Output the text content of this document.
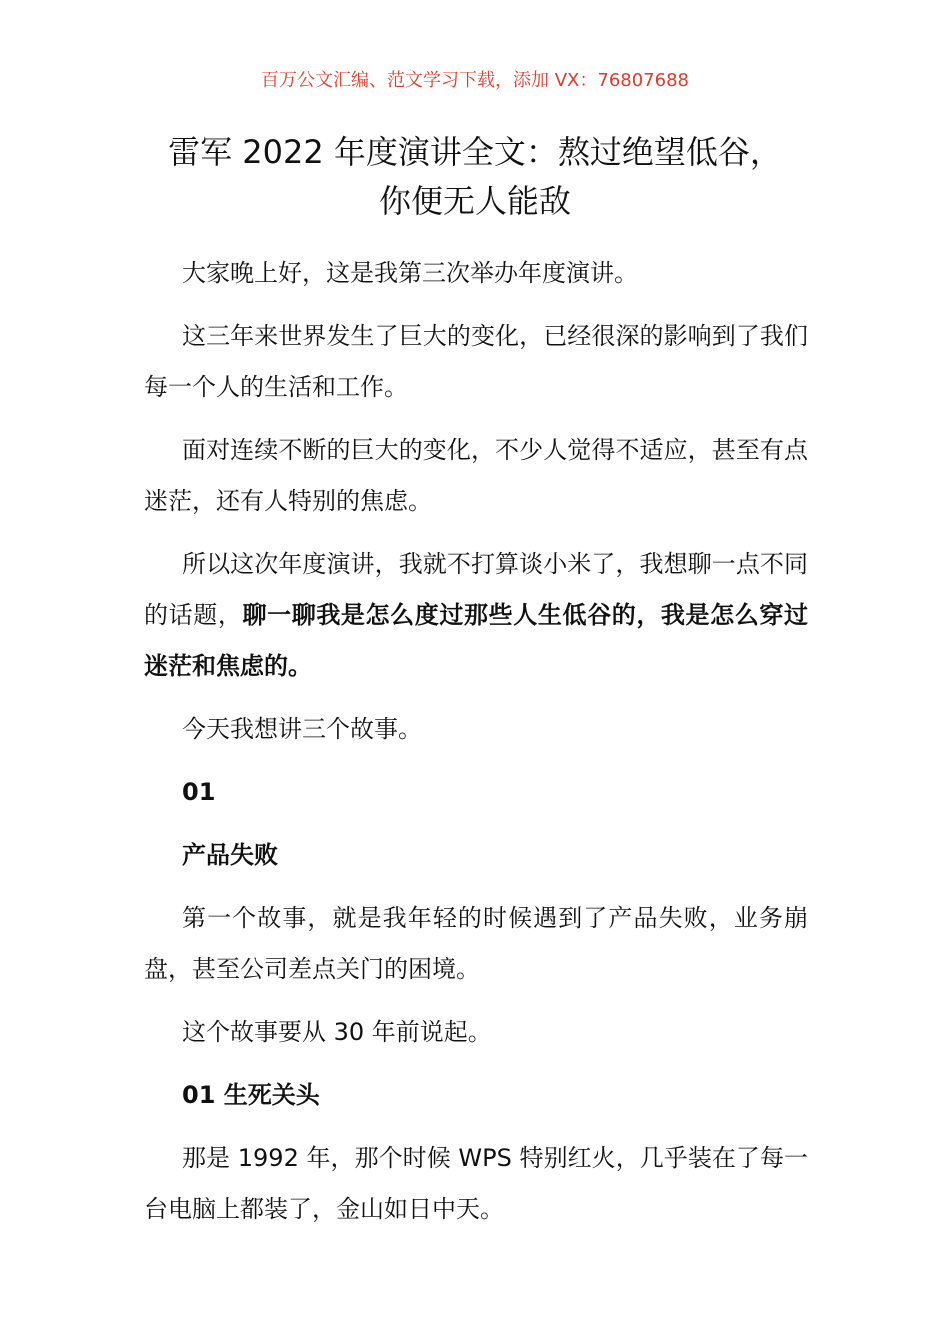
百万公文汇编、范文学习下载，添加 VX：76807688
雷军 2022 年度演讲全文：熬过绝望低谷，
你便无人能敌

大家晚上好，这是我第三次举办年度演讲。

这三年来世界发生了巨大的变化，已经很深的影响到了我们每一个人的生活和工作。

面对连续不断的巨大的变化，不少人觉得不适应，甚至有点迷茫，还有人特别的焦虑。

所以这次年度演讲，我就不打算谈小米了，我想聊一点不同的话题，聊一聊我是怎么度过那些人生低谷的，我是怎么穿过迷茫和焦虑的。

今天我想讲三个故事。

01

产品失败

第一个故事，就是我年轻的时候遇到了产品失败，业务崩盘，甚至公司差点关门的困境。

这个故事要从 30 年前说起。

01 生死关头

那是 1992 年，那个时候 WPS 特别红火，几乎装在了每一台电脑上都装了，金山如日中天。
